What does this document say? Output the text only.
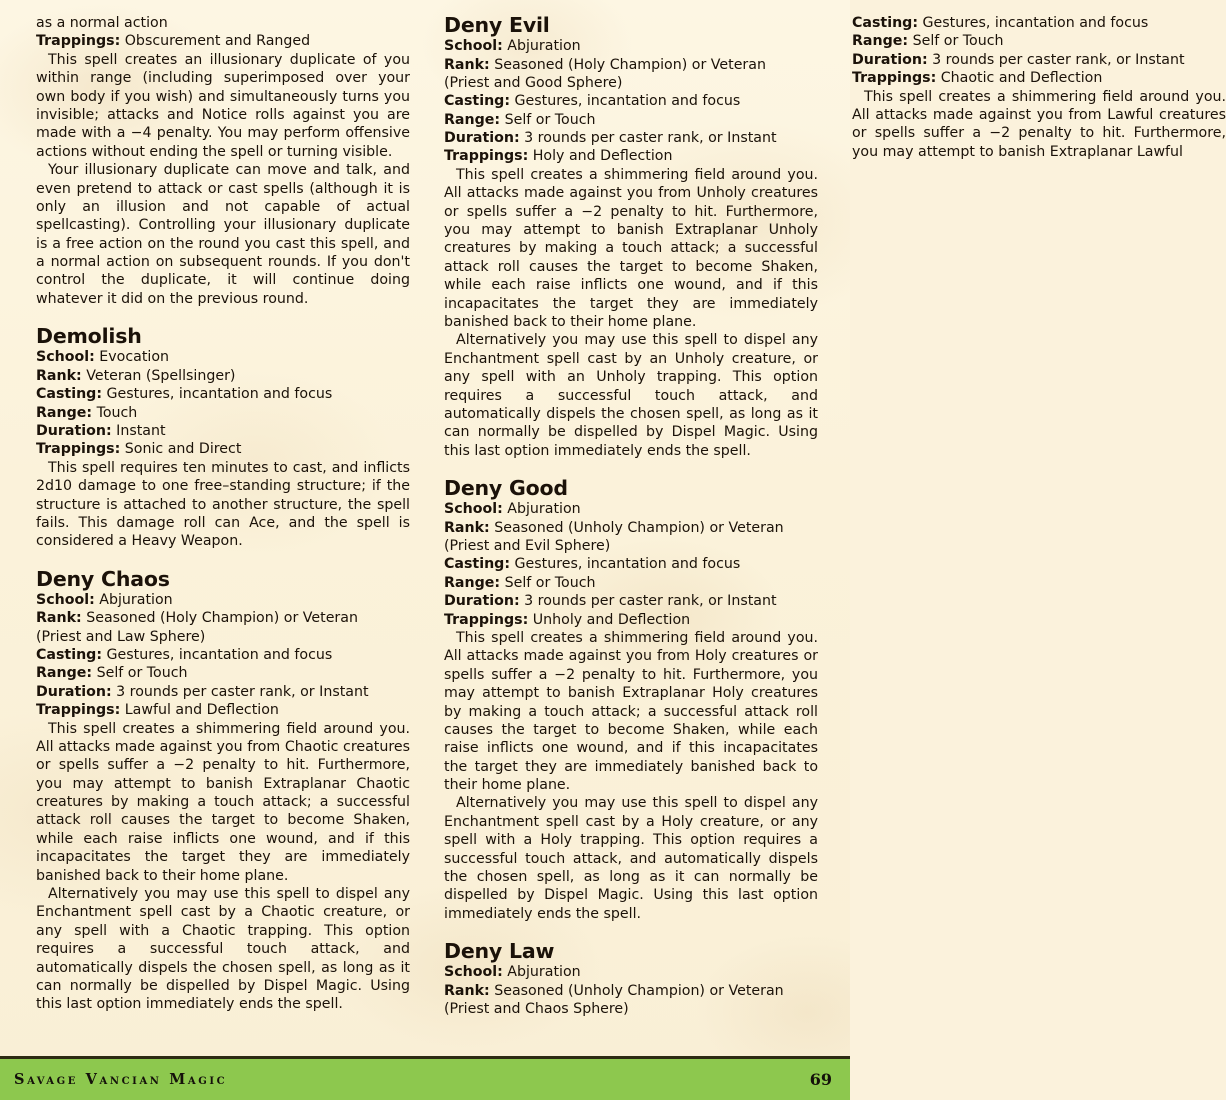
as a normal action

Trappings: Obscurement and Ranged

This spell creates an illusionary duplicate of you within range (including superimposed over your own body if you wish) and simultaneously turns you invisible; attacks and Notice rolls against you are made with a −4 penalty. You may perform offensive actions without ending the spell or turning visible.

Your illusionary duplicate can move and talk, and even pretend to attack or cast spells (although it is only an illusion and not capable of actual spellcasting). Controlling your illusionary duplicate is a free action on the round you cast this spell, and a normal action on subsequent rounds. If you don't control the duplicate, it will continue doing whatever it did on the previous round.

Demolish

School: Evocation

Rank: Veteran (Spellsinger)

Casting: Gestures, incantation and focus

Range: Touch

Duration: Instant

Trappings: Sonic and Direct

This spell requires ten minutes to cast, and inflicts 2d10 damage to one free–standing structure; if the structure is attached to another structure, the spell fails. This damage roll can Ace, and the spell is considered a Heavy Weapon.

Deny Chaos

School: Abjuration

Rank: Seasoned (Holy Champion) or Veteran

(Priest and Law Sphere)

Casting: Gestures, incantation and focus

Range: Self or Touch

Duration: 3 rounds per caster rank, or Instant

Trappings: Lawful and Deflection

This spell creates a shimmering field around you. All attacks made against you from Chaotic creatures or spells suffer a −2 penalty to hit. Furthermore, you may attempt to banish Extraplanar Chaotic creatures by making a touch attack; a successful attack roll causes the target to become Shaken, while each raise inflicts one wound, and if this incapacitates the target they are immediately banished back to their home plane.

Alternatively you may use this spell to dispel any Enchantment spell cast by a Chaotic creature, or any spell with a Chaotic trapping. This option requires a successful touch attack, and automatically dispels the chosen spell, as long as it can normally be dispelled by Dispel Magic. Using this last option immediately ends the spell.

Deny Evil

School: Abjuration

Rank: Seasoned (Holy Champion) or Veteran

(Priest and Good Sphere)

Casting: Gestures, incantation and focus

Range: Self or Touch

Duration: 3 rounds per caster rank, or Instant

Trappings: Holy and Deflection

This spell creates a shimmering field around you. All attacks made against you from Unholy creatures or spells suffer a −2 penalty to hit. Furthermore, you may attempt to banish Extraplanar Unholy creatures by making a touch attack; a successful attack roll causes the target to become Shaken, while each raise inflicts one wound, and if this incapacitates the target they are immediately banished back to their home plane.

Alternatively you may use this spell to dispel any Enchantment spell cast by an Unholy creature, or any spell with an Unholy trapping. This option requires a successful touch attack, and automatically dispels the chosen spell, as long as it can normally be dispelled by Dispel Magic. Using this last option immediately ends the spell.

Deny Good

School: Abjuration

Rank: Seasoned (Unholy Champion) or Veteran

(Priest and Evil Sphere)

Casting: Gestures, incantation and focus

Range: Self or Touch

Duration: 3 rounds per caster rank, or Instant

Trappings: Unholy and Deflection

This spell creates a shimmering field around you. All attacks made against you from Holy creatures or spells suffer a −2 penalty to hit. Furthermore, you may attempt to banish Extraplanar Holy creatures by making a touch attack; a successful attack roll causes the target to become Shaken, while each raise inflicts one wound, and if this incapacitates the target they are immediately banished back to their home plane.

Alternatively you may use this spell to dispel any Enchantment spell cast by a Holy creature, or any spell with a Holy trapping. This option requires a successful touch attack, and automatically dispels the chosen spell, as long as it can normally be dispelled by Dispel Magic. Using this last option immediately ends the spell.

Deny Law

School: Abjuration

Rank: Seasoned (Unholy Champion) or Veteran

(Priest and Chaos Sphere)

Casting: Gestures, incantation and focus

Range: Self or Touch

Duration: 3 rounds per caster rank, or Instant

Trappings: Chaotic and Deflection

This spell creates a shimmering field around you. All attacks made against you from Lawful creatures or spells suffer a −2 penalty to hit. Furthermore, you may attempt to banish Extraplanar Lawful

Savage Vancian Magic	69
